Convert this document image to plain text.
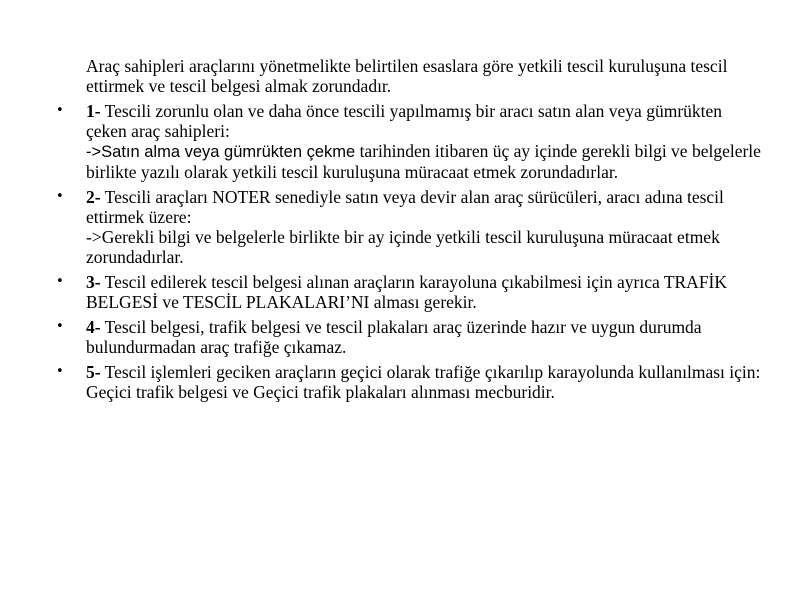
Araç sahipleri araçlarını yönetmelikte belirtilen esaslara göre yetkili tescil kuruluşuna tescil ettirmek ve tescil belgesi almak zorundadır.

• 1- Tescili zorunlu olan ve daha önce tescili yapılmamış bir aracı satın alan veya gümrükten çeken araç sahipleri:
->Satın alma veya gümrükten çekme tarihinden itibaren üç ay içinde gerekli bilgi ve belgelerle birlikte yazılı olarak yetkili tescil kuruluşuna müracaat etmek zorundadırlar.
• 2- Tescili araçları NOTER senediyle satın veya devir alan araç sürücüleri, aracı adına tescil ettirmek üzere:
->Gerekli bilgi ve belgelerle birlikte bir ay içinde yetkili tescil kuruluşuna müracaat etmek zorundadırlar.
• 3- Tescil edilerek tescil belgesi alınan araçların karayoluna çıkabilmesi için ayrıca TRAFİK BELGESİ ve TESCİL PLAKALARI’NI alması gerekir.
• 4- Tescil belgesi, trafik belgesi ve tescil plakaları araç üzerinde hazır ve uygun durumda bulundurmadan araç trafiğe çıkamaz.
• 5- Tescil işlemleri geciken araçların geçici olarak trafiğe çıkarılıp karayolunda kullanılması için: Geçici trafik belgesi ve Geçici trafik plakaları alınması mecburidir.
